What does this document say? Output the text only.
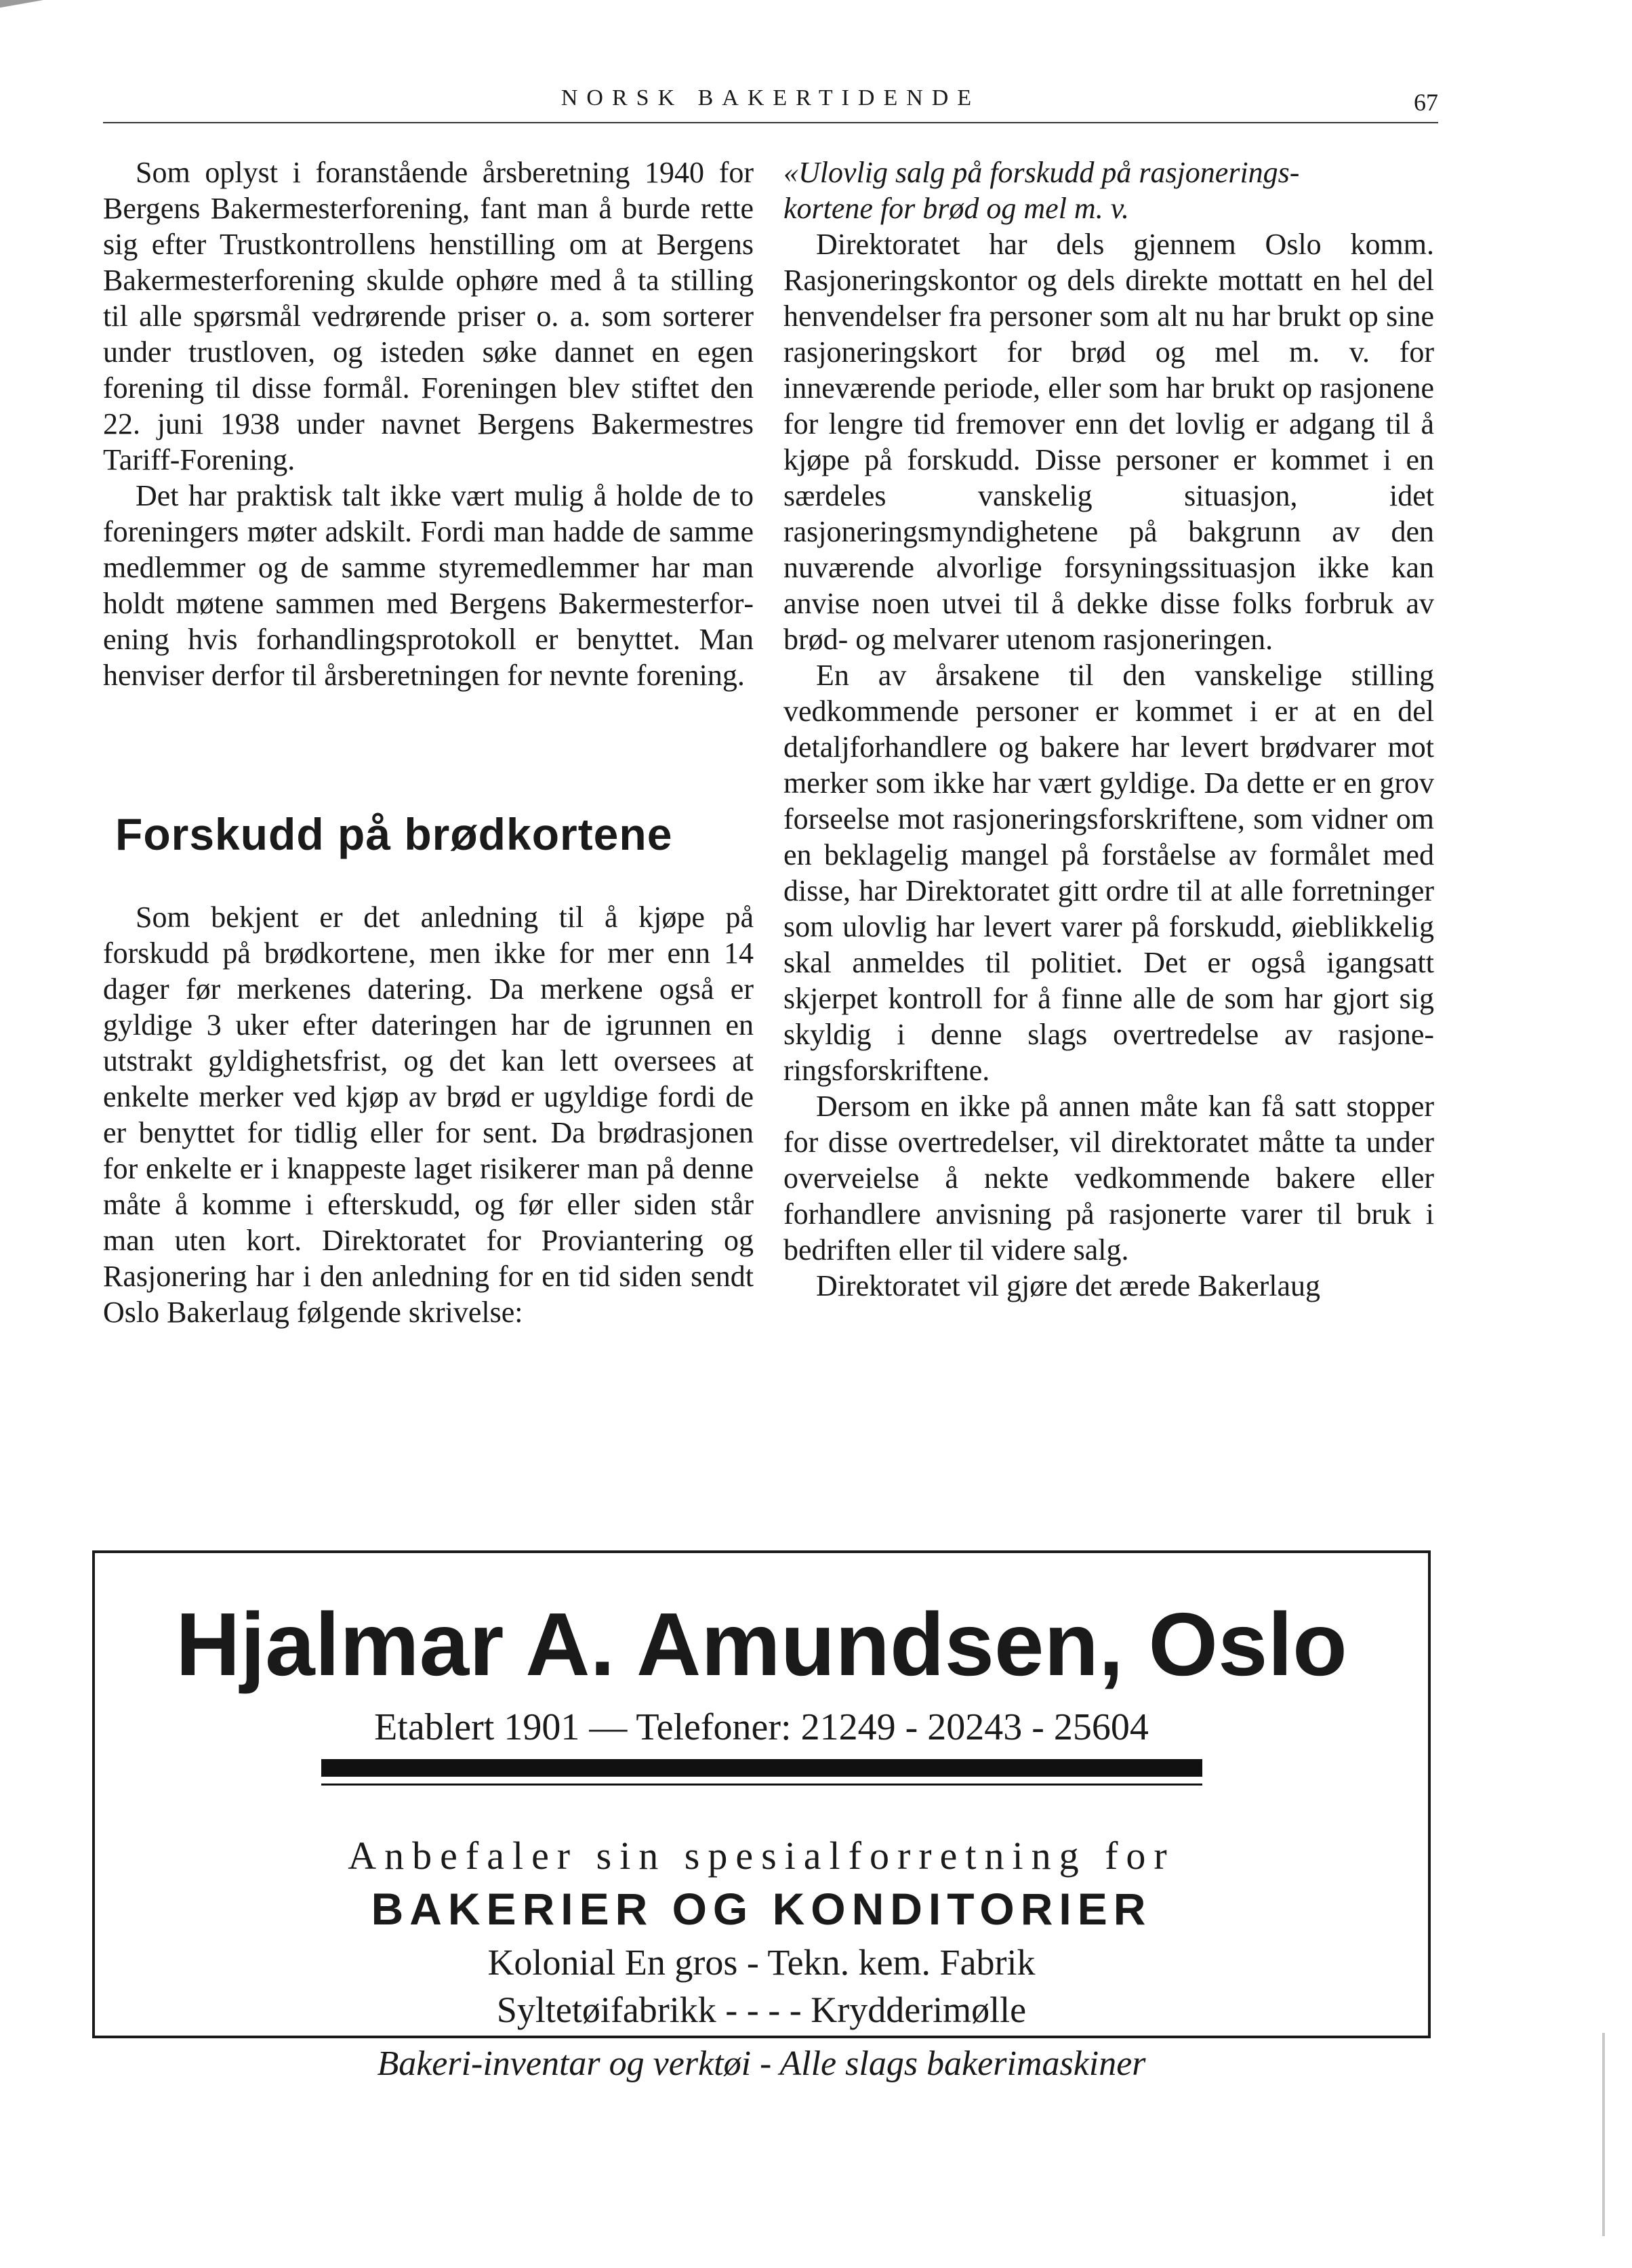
NORSK BAKERTIDENDE	67

Som oplyst i foranstående årsberetning 1940 for Bergens Bakermesterforening, fant man å burde rette sig efter Trustkontrollens henstilling om at Bergens Bakermesterforening skulde ophøre med å ta stilling til alle spørsmål vedrørende priser o. a. som sorterer under trustloven, og isteden søke dannet en egen forening til disse formål. Foreningen blev stiftet den 22. juni 1938 under navnet Bergens Bakermestres Tariff-Forening.

Det har praktisk talt ikke vært mulig å holde de to foreningers møter adskilt. Fordi man hadde de samme medlemmer og de samme styremedlemmer har man holdt møtene sammen med Bergens Bakermesterforening hvis forhandlingsprotokoll er benyttet. Man henviser derfor til årsberetningen for nevnte forening.

Forskudd på brødkortene

Som bekjent er det anledning til å kjøpe på forskudd på brødkortene, men ikke for mer enn 14 dager før merkenes datering. Da merkene også er gyldige 3 uker efter dateringen har de igrunnen en utstrakt gyldighetsfrist, og det kan lett oversees at enkelte merker ved kjøp av brød er ugyldige fordi de er benyttet for tidlig eller for sent. Da brødrasjonen for enkelte er i knappeste laget risikerer man på denne måte å komme i efterskudd, og før eller siden står man uten kort. Direktoratet for Proviantering og Rasjonering har i den anledning for en tid siden sendt Oslo Bakerlaug følgende skrivelse:

«Ulovlig salg på forskudd på rasjonerings-
kortene for brød og mel m. v.

Direktoratet har dels gjennem Oslo komm. Rasjoneringskontor og dels direkte mottatt en hel del henvendelser fra personer som alt nu har brukt op sine rasjoneringskort for brød og mel m. v. for inneværende periode, eller som har brukt op rasjonene for lengre tid fremover enn det lovlig er adgang til å kjøpe på forskudd. Disse personer er kommet i en særdeles vanskelig situasjon, idet rasjoneringsmyndighetene på bakgrunn av den nuværende alvorlige forsyningssituasjon ikke kan anvise noen utvei til å dekke disse folks forbruk av brød- og melvarer utenom rasjoneringen.

En av årsakene til den vanskelige stilling vedkommende personer er kommet i er at en del detaljforhandlere og bakere har levert brødvarer mot merker som ikke har vært gyldige. Da dette er en grov forseelse mot rasjoneringsforskriftene, som vidner om en beklagelig mangel på forståelse av formålet med disse, har Direktoratet gitt ordre til at alle forretninger som ulovlig har levert varer på forskudd, øieblikkelig skal anmeldes til politiet. Det er også igangsatt skjerpet kontroll for å finne alle de som har gjort sig skyldig i denne slags overtredelse av rasjoneringsforskriftene.

Dersom en ikke på annen måte kan få satt stopper for disse overtredelser, vil direktoratet måtte ta under overveielse å nekte vedkommende bakere eller forhandlere anvisning på rasjonerte varer til bruk i bedriften eller til videre salg.

Direktoratet vil gjøre det ærede Bakerlaug

Hjalmar A. Amundsen, Oslo
Etablert 1901 — Telefoner: 21249 - 20243 - 25604
Anbefaler sin spesialforretning for
BAKERIER OG KONDITORIER
Kolonial En gros - Tekn. kem. Fabrik
Syltetøifabrikk - - - - Krydderimølle
Bakeri-inventar og verktøi - Alle slags bakerimaskiner
